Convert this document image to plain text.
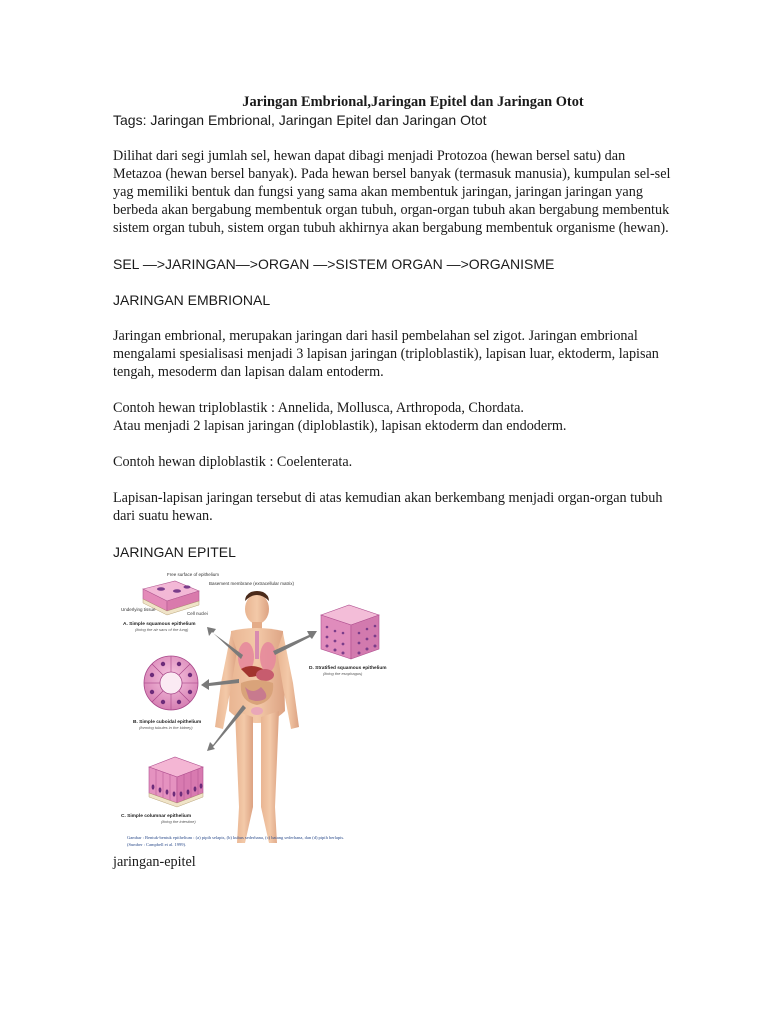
Jaringan Embrional,Jaringan Epitel dan Jaringan Otot

Tags: Jaringan Embrional, Jaringan Epitel dan Jaringan Otot

Dilihat dari segi jumlah sel, hewan dapat dibagi menjadi Protozoa (hewan bersel satu) dan Metazoa (hewan bersel banyak). Pada hewan bersel banyak (termasuk manusia), kumpulan sel-sel yag memiliki bentuk dan fungsi yang sama akan membentuk jaringan, jaringan jaringan yang berbeda akan bergabung membentuk organ tubuh, organ-organ tubuh akan bergabung membentuk sistem organ tubuh, sistem organ tubuh akhirnya akan bergabung membentuk organisme (hewan).

SEL —>JARINGAN—>ORGAN —>SISTEM ORGAN —>ORGANISME

JARINGAN EMBRIONAL

Jaringan embrional, merupakan jaringan dari hasil pembelahan sel zigot. Jaringan embrional mengalami spesialisasi menjadi 3 lapisan jaringan (triploblastik), lapisan luar, ektoderm, lapisan tengah, mesoderm dan lapisan dalam entoderm.

Contoh hewan triploblastik : Annelida, Mollusca, Arthropoda, Chordata.

Atau menjadi 2 lapisan jaringan (diploblastik), lapisan ektoderm dan endoderm.

Contoh hewan diploblastik : Coelenterata.

Lapisan-lapisan jaringan tersebut di atas kemudian akan berkembang menjadi organ-organ tubuh dari suatu hewan.

JARINGAN EPITEL

Free surface of epithelium
Basement membrane (extracellular matrix)
Underlying tissue
Cell nuclei
A. Simple squamous epithelium
(lining the air sacs of the lung)
B. Simple cuboidal epithelium
(forming tubules in the kidney)
C. Simple columnar epithelium
(lining the intestine)
D. Stratified squamous epithelium
(lining the esophagus)
Gambar : Bentuk-bentuk epithelium : (a) pipih selapis, (b) kubus sederhana, (c) batang sederhana, dan (d) pipih berlapis.
(Sumber : Campbell et al. 1999).

jaringan-epitel
